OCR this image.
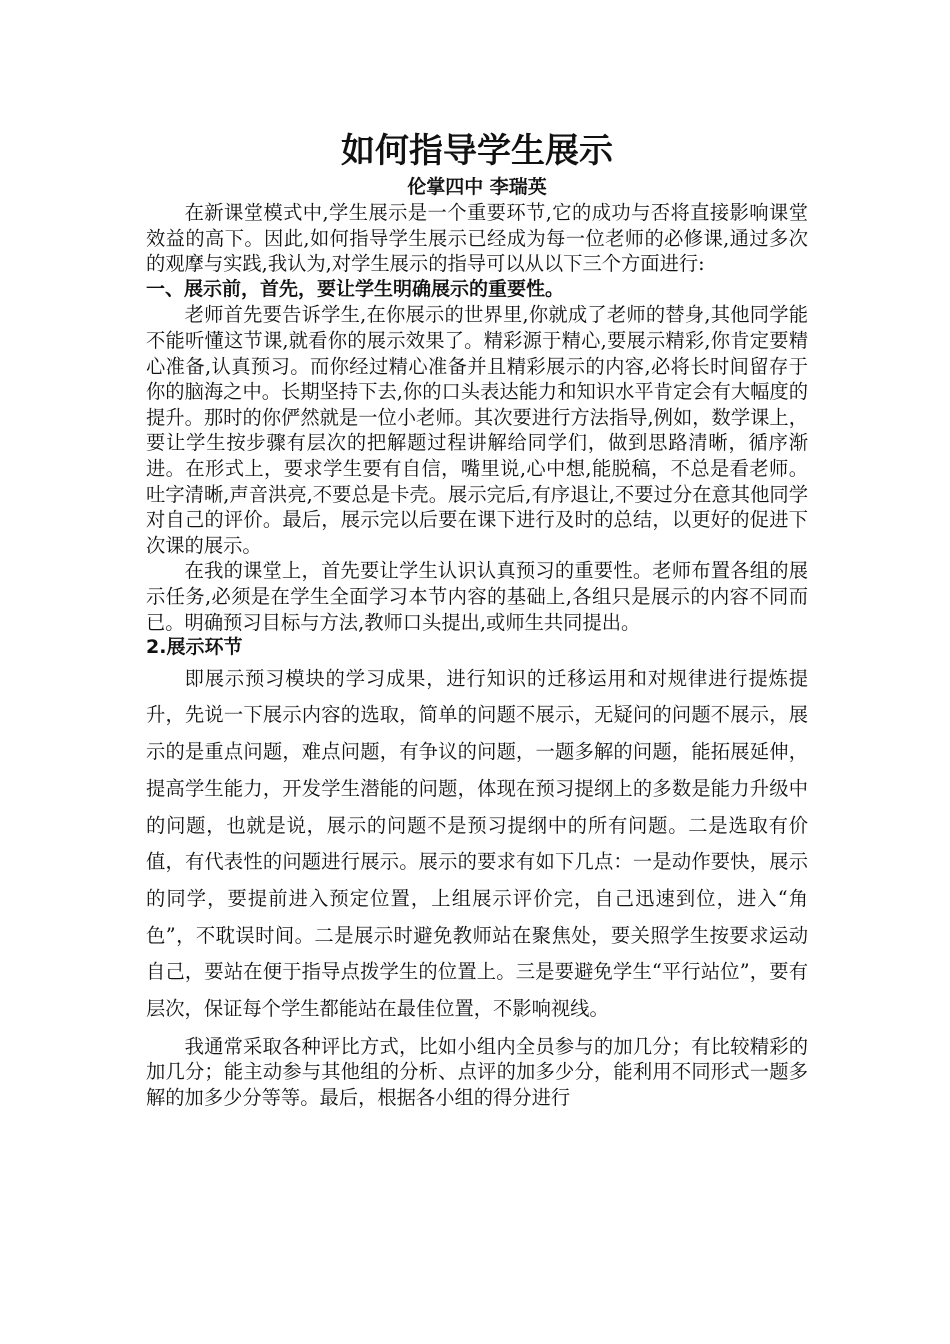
如何指导学生展示

伦掌四中 李瑞英

在新课堂模式中,学生展示是一个重要环节,它的成功与否将直接影响课堂效益的高下。因此,如何指导学生展示已经成为每一位老师的必修课,通过多次的观摩与实践,我认为,对学生展示的指导可以从以下三个方面进行:

一、展示前，首先，要让学生明确展示的重要性。

老师首先要告诉学生,在你展示的世界里,你就成了老师的替身,其他同学能不能听懂这节课,就看你的展示效果了。精彩源于精心,要展示精彩,你肯定要精心准备,认真预习。而你经过精心准备并且精彩展示的内容,必将长时间留存于你的脑海之中。长期坚持下去,你的口头表达能力和知识水平肯定会有大幅度的提升。那时的你俨然就是一位小老师。其次要进行方法指导,例如，数学课上，要让学生按步骤有层次的把解题过程讲解给同学们，做到思路清晰，循序渐进。在形式上，要求学生要有自信，嘴里说,心中想,能脱稿，不总是看老师。吐字清晰,声音洪亮,不要总是卡壳。展示完后,有序退让,不要过分在意其他同学对自己的评价。最后，展示完以后要在课下进行及时的总结，以更好的促进下次课的展示。

在我的课堂上，首先要让学生认识认真预习的重要性。老师布置各组的展示任务,必须是在学生全面学习本节内容的基础上,各组只是展示的内容不同而已。明确预习目标与方法,教师口头提出,或师生共同提出。

2.展示环节

即展示预习模块的学习成果，进行知识的迁移运用和对规律进行提炼提升，先说一下展示内容的选取，简单的问题不展示，无疑问的问题不展示，展示的是重点问题，难点问题，有争议的问题，一题多解的问题，能拓展延伸，提高学生能力，开发学生潜能的问题，体现在预习提纲上的多数是能力升级中的问题，也就是说，展示的问题不是预习提纲中的所有问题。二是选取有价值，有代表性的问题进行展示。展示的要求有如下几点：一是动作要快，展示的同学，要提前进入预定位置，上组展示评价完，自己迅速到位，进入“角色”，不耽误时间。二是展示时避免教师站在聚焦处，要关照学生按要求运动自己，要站在便于指导点拨学生的位置上。三是要避免学生“平行站位”，要有层次，保证每个学生都能站在最佳位置，不影响视线。

我通常采取各种评比方式，比如小组内全员参与的加几分；有比较精彩的加几分；能主动参与其他组的分析、点评的加多少分，能利用不同形式一题多解的加多少分等等。最后，根据各小组的得分进行
